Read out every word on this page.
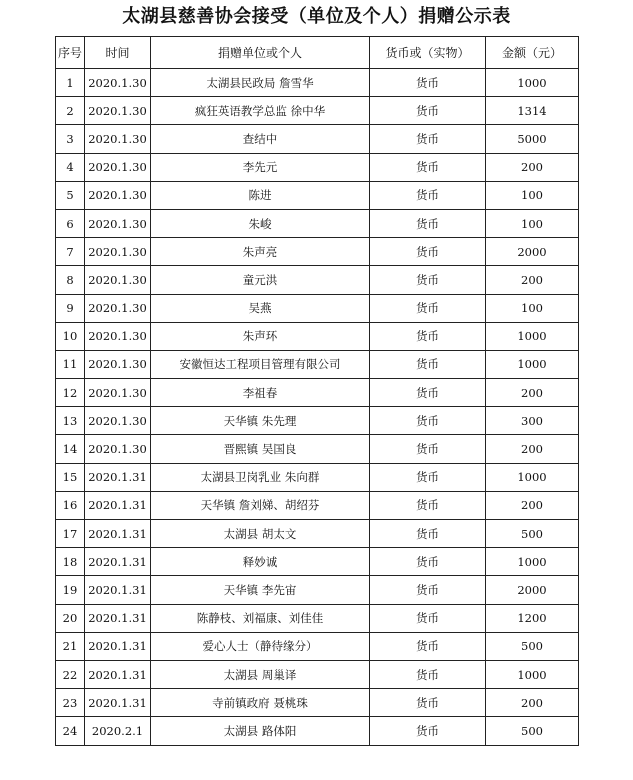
太湖县慈善协会接受（单位及个人）捐赠公示表
序号	时间	捐赠单位或个人	货币或（实物）	金额（元）
1	2020.1.30	太湖县民政局 詹雪华	货币	1000
2	2020.1.30	疯狂英语教学总监 徐中华	货币	1314
3	2020.1.30	查结中	货币	5000
4	2020.1.30	李先元	货币	200
5	2020.1.30	陈进	货币	100
6	2020.1.30	朱峻	货币	100
7	2020.1.30	朱声亮	货币	2000
8	2020.1.30	童元洪	货币	200
9	2020.1.30	吴燕	货币	100
10	2020.1.30	朱声环	货币	1000
11	2020.1.30	安徽恒达工程项目管理有限公司	货币	1000
12	2020.1.30	李祖春	货币	200
13	2020.1.30	天华镇 朱先理	货币	300
14	2020.1.30	晋熙镇 吴国良	货币	200
15	2020.1.31	太湖县卫岗乳业 朱向群	货币	1000
16	2020.1.31	天华镇 詹刘娣、胡绍芬	货币	200
17	2020.1.31	太湖县 胡太文	货币	500
18	2020.1.31	释妙诚	货币	1000
19	2020.1.31	天华镇 李先宙	货币	2000
20	2020.1.31	陈静枝、刘福康、刘佳佳	货币	1200
21	2020.1.31	爱心人士（静待缘分）	货币	500
22	2020.1.31	太湖县 周巢译	货币	1000
23	2020.1.31	寺前镇政府 聂桃珠	货币	200
24	2020.2.1	太湖县 路体阳	货币	500
